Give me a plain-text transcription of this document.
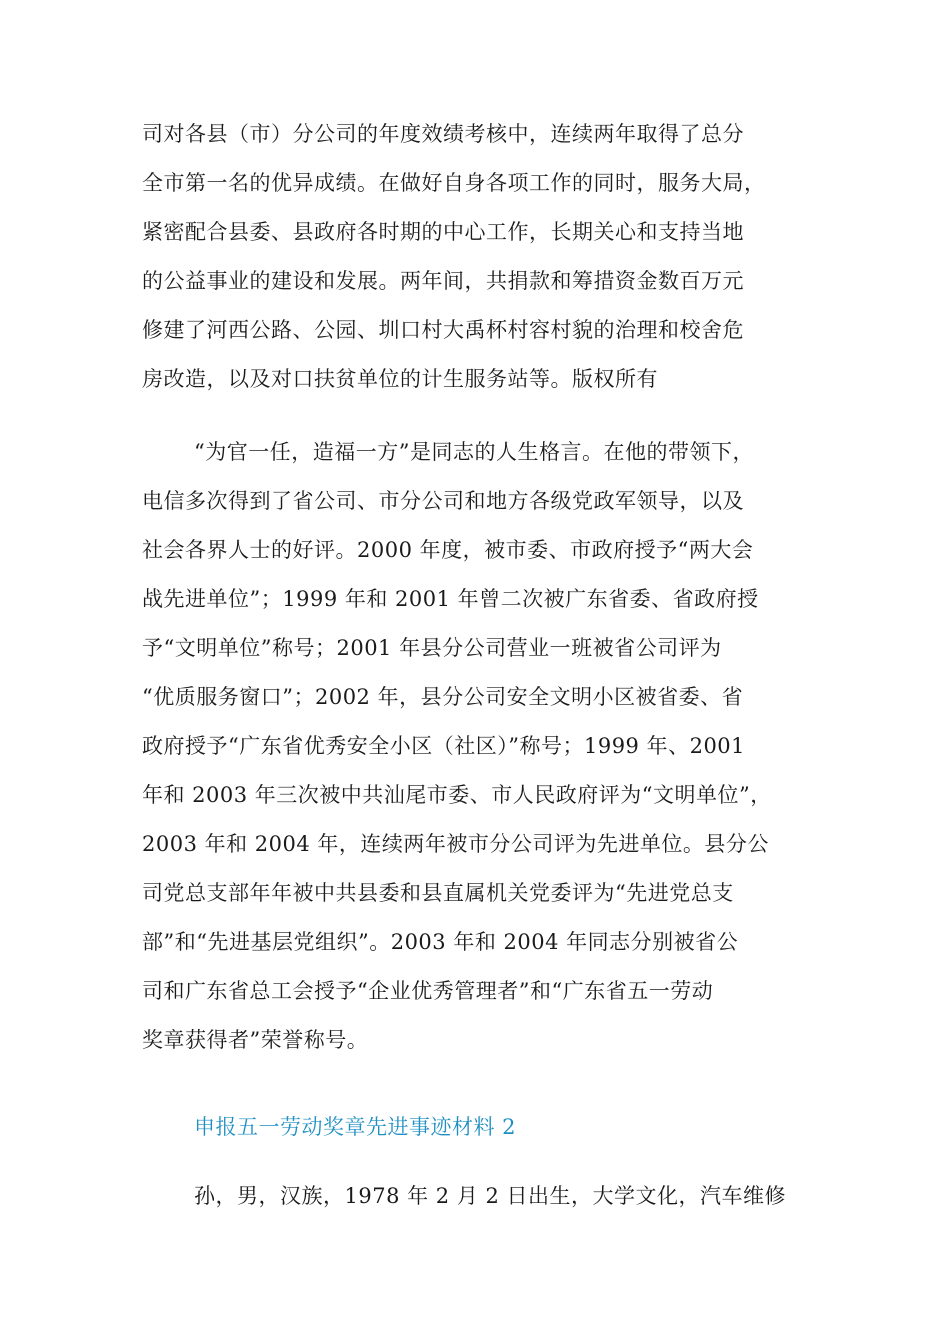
司对各县（市）分公司的年度效绩考核中，连续两年取得了总分
全市第一名的优异成绩。在做好自身各项工作的同时，服务大局，
紧密配合县委、县政府各时期的中心工作，长期关心和支持当地
的公益事业的建设和发展。两年间，共捐款和筹措资金数百万元
修建了河西公路、公园、圳口村大禹杯村容村貌的治理和校舍危
房改造，以及对口扶贫单位的计生服务站等。版权所有
“为官一任，造福一方”是同志的人生格言。在他的带领下，
电信多次得到了省公司、市分公司和地方各级党政军领导，以及
社会各界人士的好评。2000 年度，被市委、市政府授予“两大会
战先进单位”；1999 年和 2001 年曾二次被广东省委、省政府授
予“文明单位”称号；2001 年县分公司营业一班被省公司评为
“优质服务窗口”；2002 年，县分公司安全文明小区被省委、省
政府授予“广东省优秀安全小区（社区）”称号；1999 年、2001
年和 2003 年三次被中共汕尾市委、市人民政府评为“文明单位”，
2003 年和 2004 年，连续两年被市分公司评为先进单位。县分公
司党总支部年年被中共县委和县直属机关党委评为“先进党总支
部”和“先进基层党组织”。2003 年和 2004 年同志分别被省公
司和广东省总工会授予“企业优秀管理者”和“广东省五一劳动
奖章获得者”荣誉称号。
申报五一劳动奖章先进事迹材料 2
孙，男，汉族，1978 年 2 月 2 日出生，大学文化，汽车维修
